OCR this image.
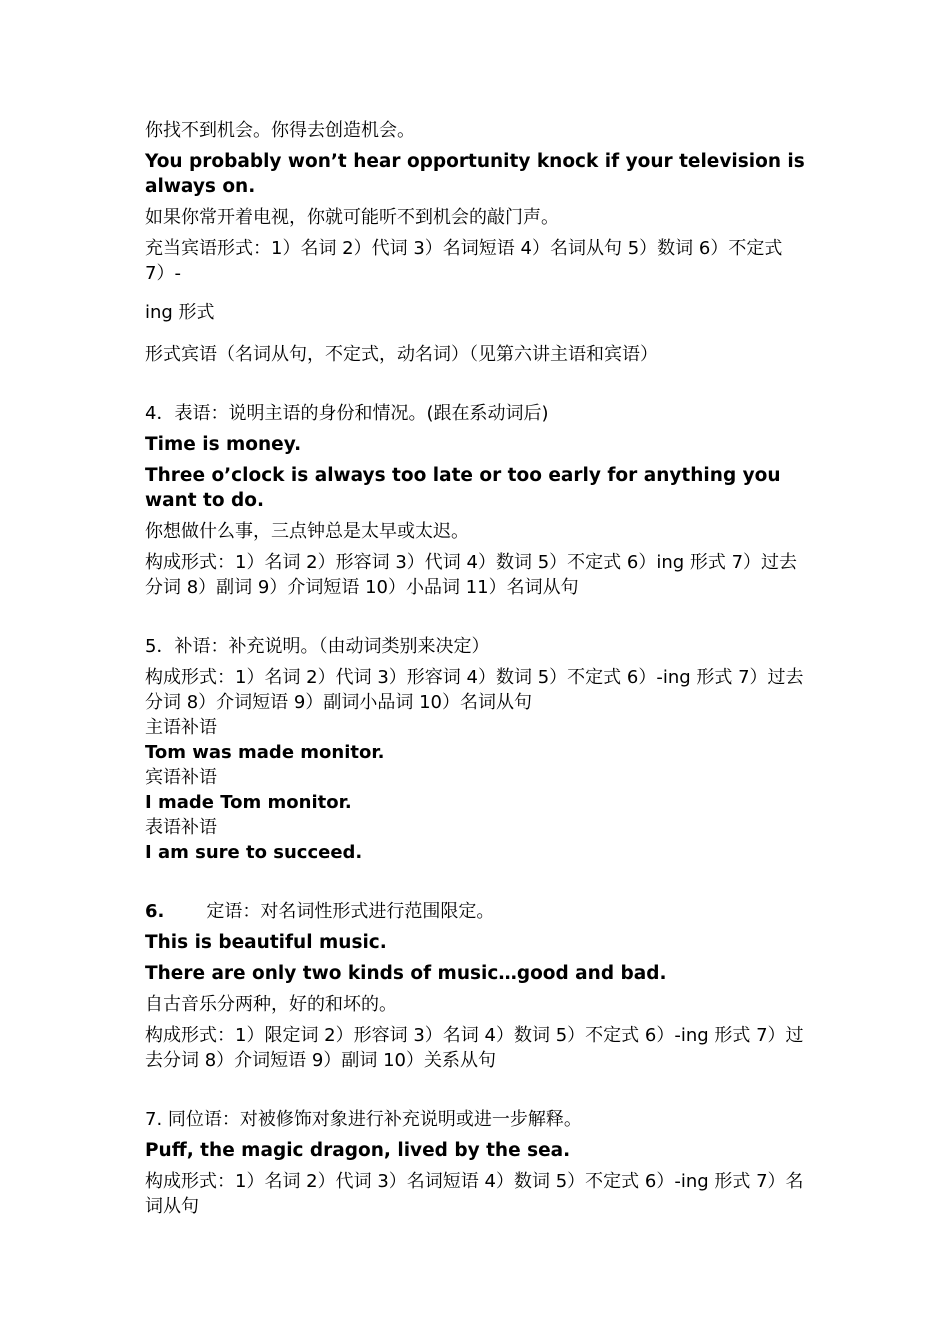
你找不到机会。你得去创造机会。

You probably won’t hear opportunity knock if your television is always on.

如果你常开着电视，你就可能听不到机会的敲门声。

充当宾语形式：1）名词 2）代词 3）名词短语 4）名词从句 5）数词 6）不定式 7）-

ing 形式

形式宾语（名词从句，不定式，动名词）（见第六讲主语和宾语）

4．表语：说明主语的身份和情况。(跟在系动词后)

Time is money.

Three o’clock is always too late or too early for anything you want to do.

你想做什么事，三点钟总是太早或太迟。

构成形式：1）名词 2）形容词 3）代词 4）数词 5）不定式 6）ing 形式 7）过去分词 8）副词 9）介词短语 10）小品词 11）名词从句

5．补语：补充说明。（由动词类别来决定）

构成形式：1）名词 2）代词 3）形容词 4）数词 5）不定式 6）-ing 形式 7）过去分词 8）介词短语 9）副词小品词 10）名词从句

主语补语

Tom was made monitor.

宾语补语

I made Tom monitor.

表语补语

I am sure to succeed.

6. 定语：对名词性形式进行范围限定。

This is beautiful music.

There are only two kinds of music…good and bad.

自古音乐分两种，好的和坏的。

构成形式：1）限定词 2）形容词 3）名词 4）数词 5）不定式 6）-ing 形式 7）过去分词 8）介词短语 9）副词 10）关系从句

7. 同位语：对被修饰对象进行补充说明或进一步解释。

Puff, the magic dragon, lived by the sea.

构成形式：1）名词 2）代词 3）名词短语 4）数词 5）不定式 6）-ing 形式 7）名词从句
